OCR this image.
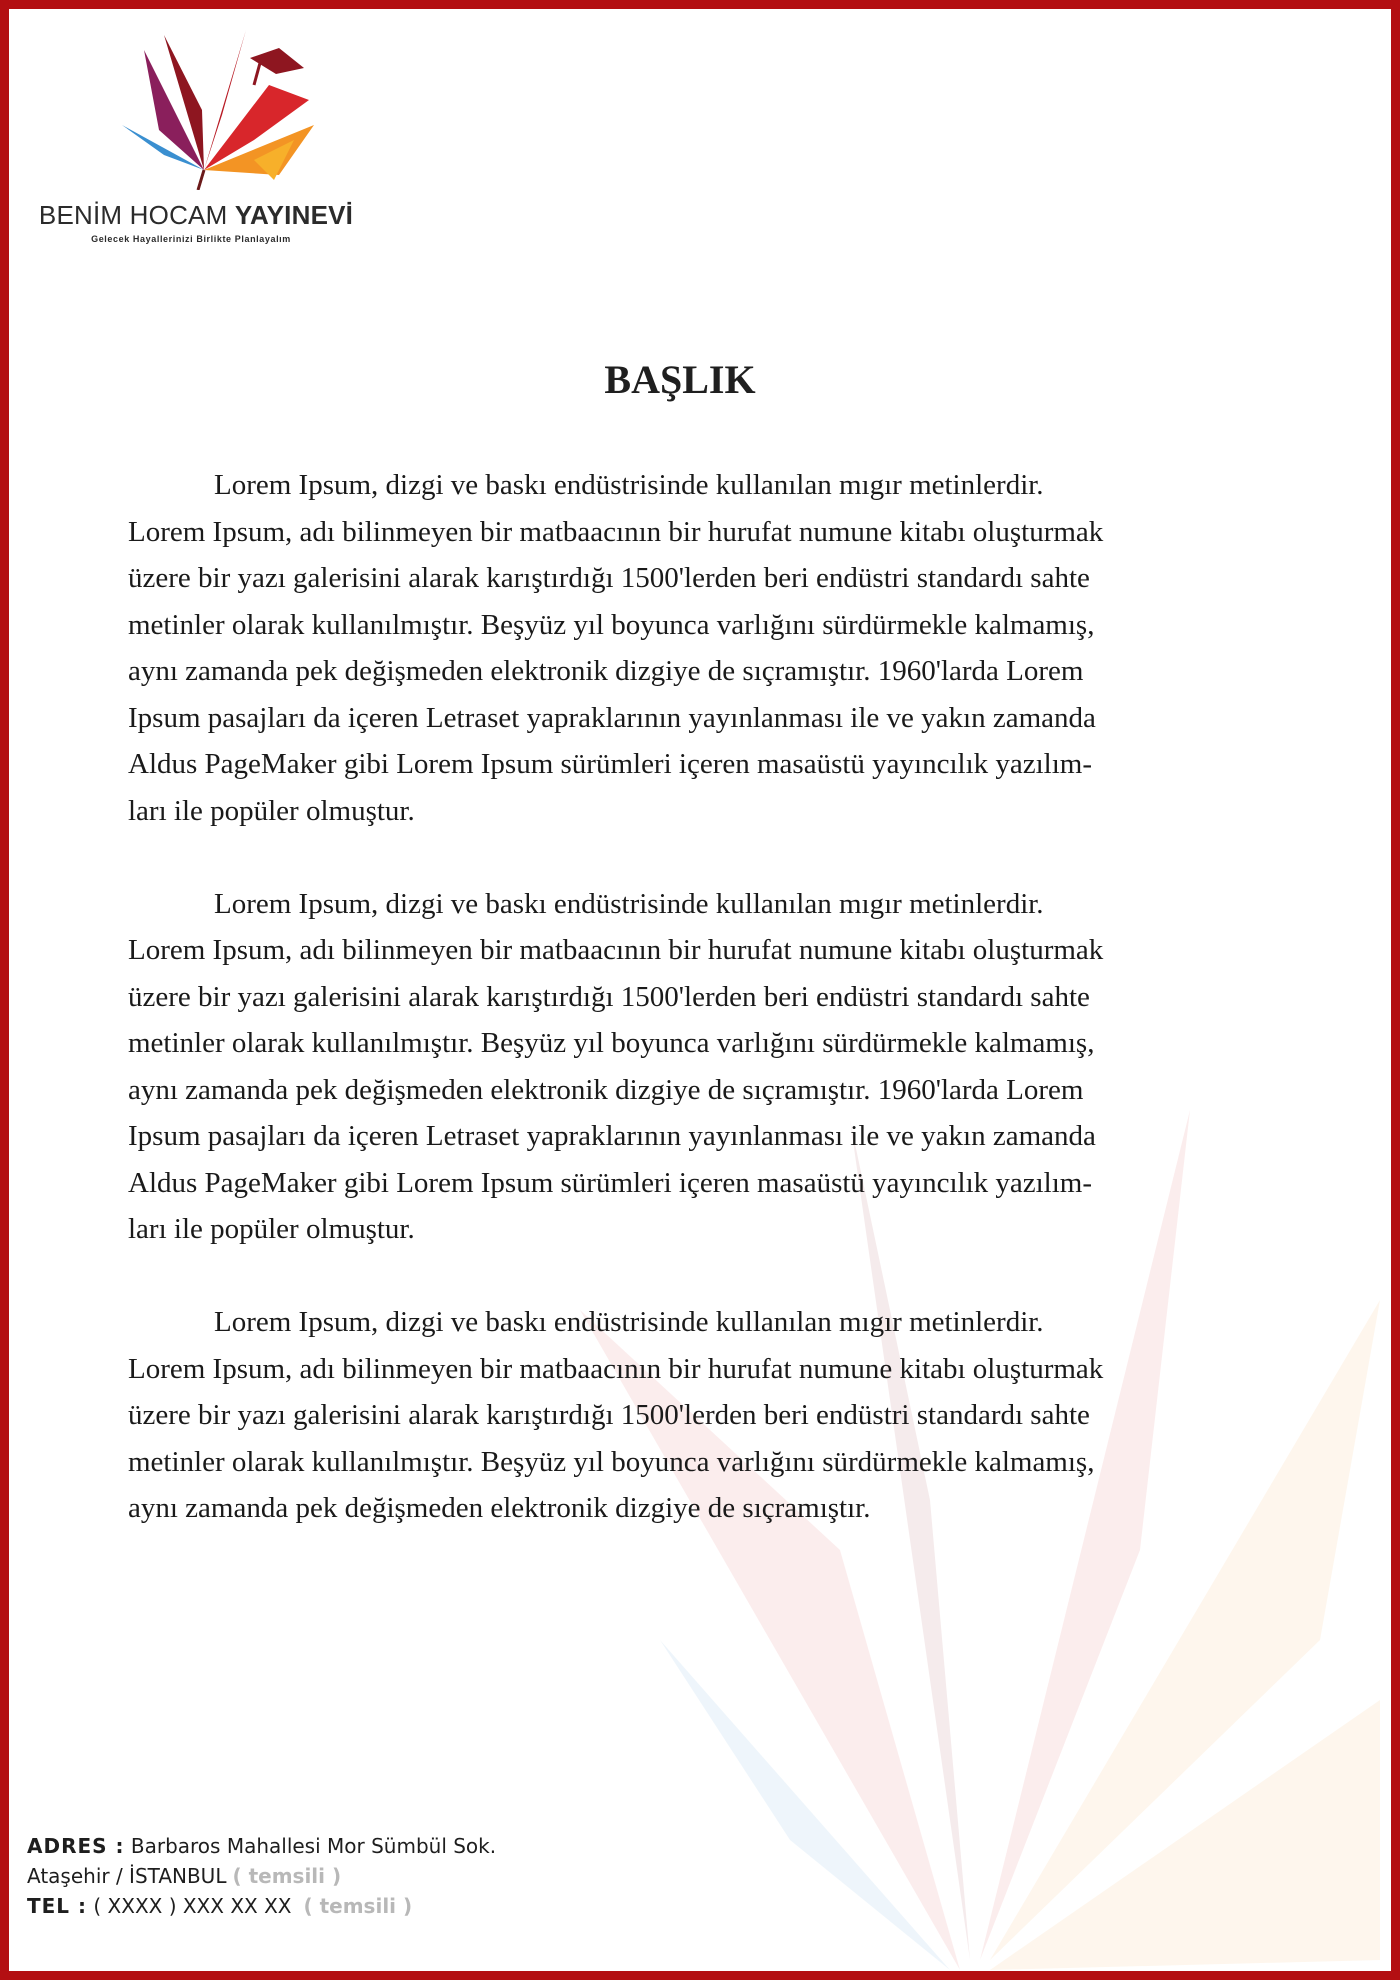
BENİM HOCAM YAYINEVİ
Gelecek Hayallerinizi Birlikte Planlayalım
BAŞLIK

Lorem Ipsum, dizgi ve baskı endüstrisinde kullanılan mıgır metinlerdir.
Lorem Ipsum, adı bilinmeyen bir matbaacının bir hurufat numune kitabı oluşturmak
üzere bir yazı galerisini alarak karıştırdığı 1500'lerden beri endüstri standardı sahte
metinler olarak kullanılmıştır. Beşyüz yıl boyunca varlığını sürdürmekle kalmamış,
aynı zamanda pek değişmeden elektronik dizgiye de sıçramıştır. 1960'larda Lorem
Ipsum pasajları da içeren Letraset yapraklarının yayınlanması ile ve yakın zamanda
Aldus PageMaker gibi Lorem Ipsum sürümleri içeren masaüstü yayıncılık yazılım-
ları ile popüler olmuştur.

Lorem Ipsum, dizgi ve baskı endüstrisinde kullanılan mıgır metinlerdir.
Lorem Ipsum, adı bilinmeyen bir matbaacının bir hurufat numune kitabı oluşturmak
üzere bir yazı galerisini alarak karıştırdığı 1500'lerden beri endüstri standardı sahte
metinler olarak kullanılmıştır. Beşyüz yıl boyunca varlığını sürdürmekle kalmamış,
aynı zamanda pek değişmeden elektronik dizgiye de sıçramıştır. 1960'larda Lorem
Ipsum pasajları da içeren Letraset yapraklarının yayınlanması ile ve yakın zamanda
Aldus PageMaker gibi Lorem Ipsum sürümleri içeren masaüstü yayıncılık yazılım-
ları ile popüler olmuştur.

Lorem Ipsum, dizgi ve baskı endüstrisinde kullanılan mıgır metinlerdir.
Lorem Ipsum, adı bilinmeyen bir matbaacının bir hurufat numune kitabı oluşturmak
üzere bir yazı galerisini alarak karıştırdığı 1500'lerden beri endüstri standardı sahte
metinler olarak kullanılmıştır. Beşyüz yıl boyunca varlığını sürdürmekle kalmamış,
aynı zamanda pek değişmeden elektronik dizgiye de sıçramıştır.

ADRES : Barbaros Mahallesi Mor Sümbül Sok.
Ataşehir / İSTANBUL ( temsili )
TEL : ( XXXX ) XXX XX XX ( temsili )
